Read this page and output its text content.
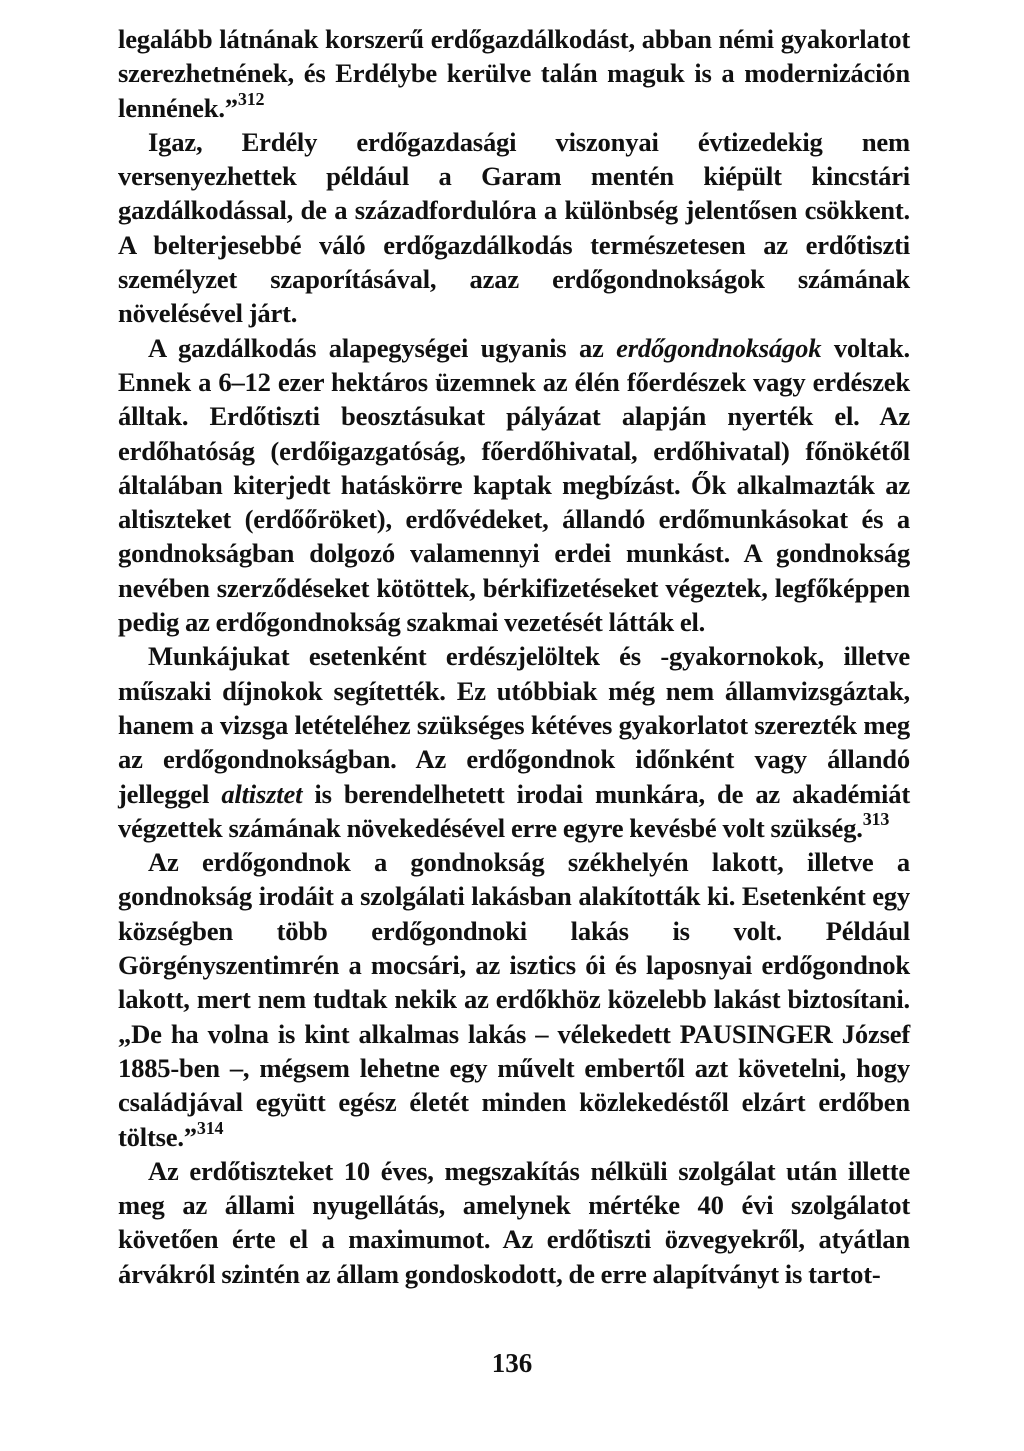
legalább látnának korszerű erdőgazdálkodást, abban némi gyakorlatot szerezhetnének, és Erdélybe kerülve talán maguk is a modernizáción lennének.”$^{312}$

Igaz, Erdély erdőgazdasági viszonyai évtizedekig nem versenyezhettek például a Garam mentén kiépült kincstári gazdálkodással, de a századfordulóra a különbség jelentősen csökkent. A belterjesebbé váló erdőgazdálkodás természetesen az erdőtiszti személyzet szaporításával, azaz erdőgondnokságok számának növelésével járt.

A gazdálkodás alapegységei ugyanis az erdőgondnokságok voltak. Ennek a 6–12 ezer hektáros üzemnek az élén főerdészek vagy erdészek álltak. Erdőtiszti beosztásukat pályázat alapján nyerték el. Az erdőhatóság (erdőigazgatóság, főerdőhivatal, erdőhivatal) főnökétől általában kiterjedt hatáskörre kaptak megbízást. Ők alkalmazták az altiszteket (erdőőröket), erdővédeket, állandó erdőmunkásokat és a gondnokságban dolgozó valamennyi erdei munkást. A gondnokság nevében szerződéseket kötöttek, bérkifizetéseket végeztek, legfőképpen pedig az erdőgondnokság szakmai vezetését látták el.

Munkájukat esetenként erdészjelöltek és -gyakornokok, illetve műszaki díjnokok segítették. Ez utóbbiak még nem államvizsgáztak, hanem a vizsga letételéhez szükséges kétéves gyakorlatot szerezték meg az erdőgondnokságban. Az erdőgondnok időnként vagy állandó jelleggel altisztet is berendelhetett irodai munkára, de az akadémiát végzettek számának növekedésével erre egyre kevésbé volt szükség.$^{313}$

Az erdőgondnok a gondnokság székhelyén lakott, illetve a gondnokság irodáit a szolgálati lakásban alakították ki. Esetenként egy községben több erdőgondnoki lakás is volt. Például Görgényszentimrén a mocsári, az isztics ói és laposnyai erdőgondnok lakott, mert nem tudtak nekik az erdőkhöz közelebb lakást biztosítani. „De ha volna is kint alkalmas lakás – vélekedett PAUSINGER József 1885-ben –, mégsem lehetne egy művelt embertől azt követelni, hogy családjával együtt egész életét minden közlekedéstől elzárt erdőben töltse.”$^{314}$

Az erdőtiszteket 10 éves, megszakítás nélküli szolgálat után illette meg az állami nyugellátás, amelynek mértéke 40 évi szolgálatot követően érte el a maximumot. Az erdőtiszti özvegyekről, atyátlan árvákról szintén az állam gondoskodott, de erre alapítványt is tartot-

136
